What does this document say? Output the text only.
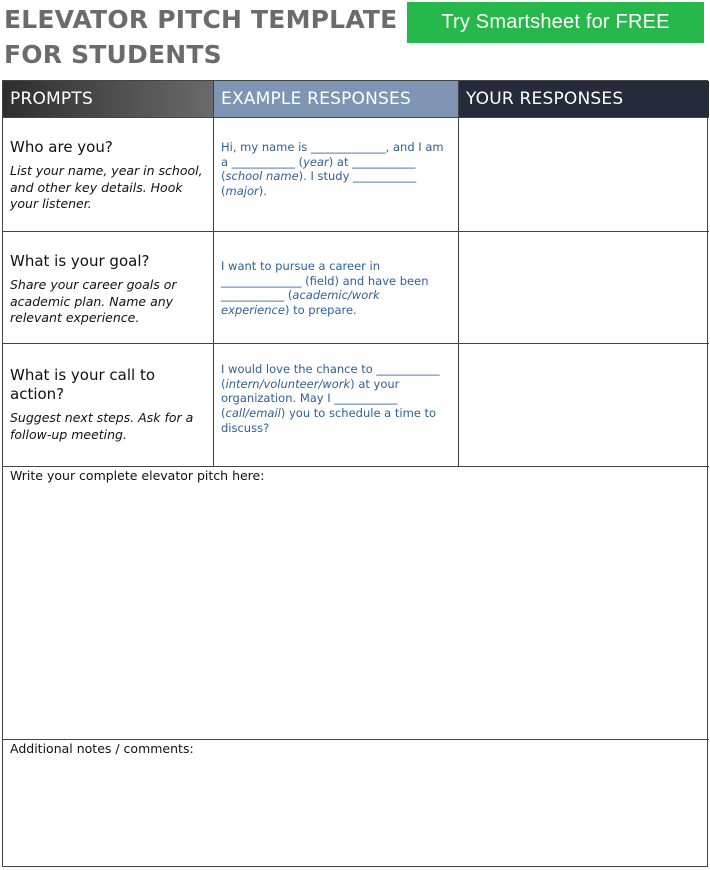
ELEVATOR PITCH TEMPLATE
FOR STUDENTS
Try Smartsheet for FREE
PROMPTS	EXAMPLE RESPONSES	YOUR RESPONSES
Who are you?
List your name, year in school, and other key details. Hook your listener.
Hi, my name is _____________, and I am a ___________ (year) at ___________ (school name). I study ___________ (major).
What is your goal?
Share your career goals or academic plan. Name any relevant experience.
I want to pursue a career in ______________ (field) and have been ___________ (academic/work experience) to prepare.
What is your call to action?
Suggest next steps. Ask for a follow-up meeting.
I would love the chance to ___________ (intern/volunteer/work) at your organization. May I ___________ (call/email) you to schedule a time to discuss?
Write your complete elevator pitch here:
Additional notes / comments:
